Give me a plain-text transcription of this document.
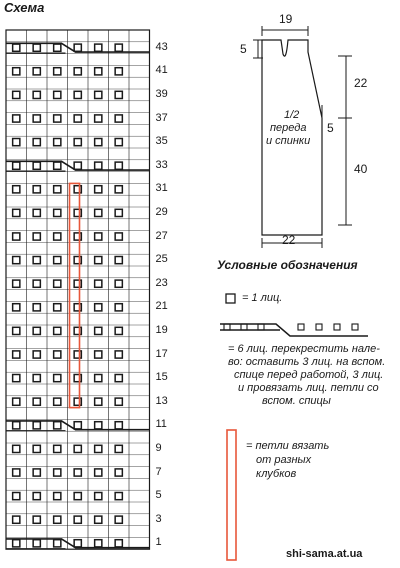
Схема
43
41
39
37
35
33
31
29
27
25
23
21
19
17
15
13
11
9
7
5
3
1
19
5
22
5
40
22
1/2
переда
и спинки
Условные обозначения
= 1 лиц.
= 6 лиц. перекрестить нале-
во: оставить 3 лиц. на вспом.
спице перед работой, 3 лиц.
и провязать лиц. петли со
вспом. спицы
= петли вязать
от разных
клубков
shi-sama.at.ua
